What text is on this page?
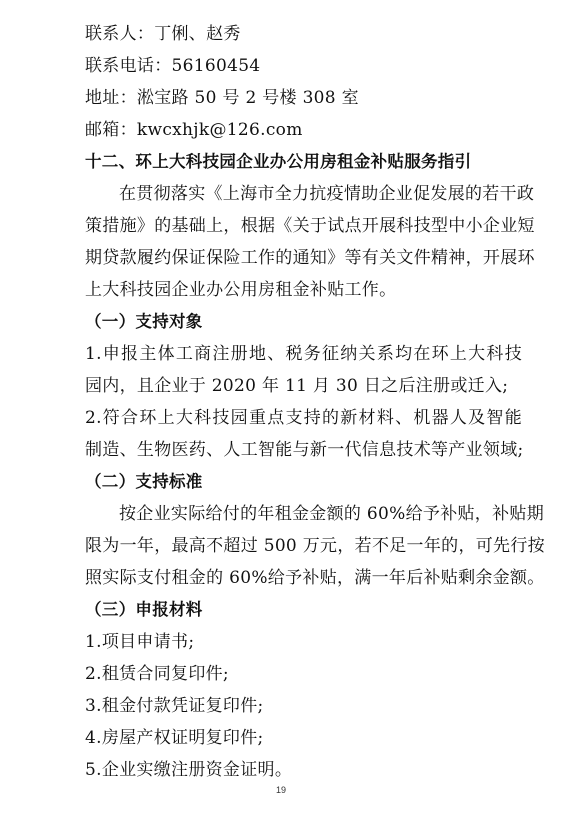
联系人：丁俐、赵秀
联系电话：56160454
地址：淞宝路 50 号 2 号楼 308 室
邮箱：kwcxhjk@126.com
十二、环上大科技园企业办公用房租金补贴服务指引
在贯彻落实《上海市全力抗疫情助企业促发展的若干政
策措施》的基础上，根据《关于试点开展科技型中小企业短
期贷款履约保证保险工作的通知》等有关文件精神，开展环
上大科技园企业办公用房租金补贴工作。
（一）支持对象
1.申报主体工商注册地、税务征纳关系均在环上大科技
园内，且企业于 2020 年 11 月 30 日之后注册或迁入;
2.符合环上大科技园重点支持的新材料、机器人及智能
制造、生物医药、人工智能与新一代信息技术等产业领域;
（二）支持标准
按企业实际给付的年租金金额的 60%给予补贴，补贴期
限为一年，最高不超过 500 万元，若不足一年的，可先行按
照实际支付租金的 60%给予补贴，满一年后补贴剩余金额。
（三）申报材料
1.项目申请书;
2.租赁合同复印件;
3.租金付款凭证复印件;
4.房屋产权证明复印件;
5.企业实缴注册资金证明。
19
